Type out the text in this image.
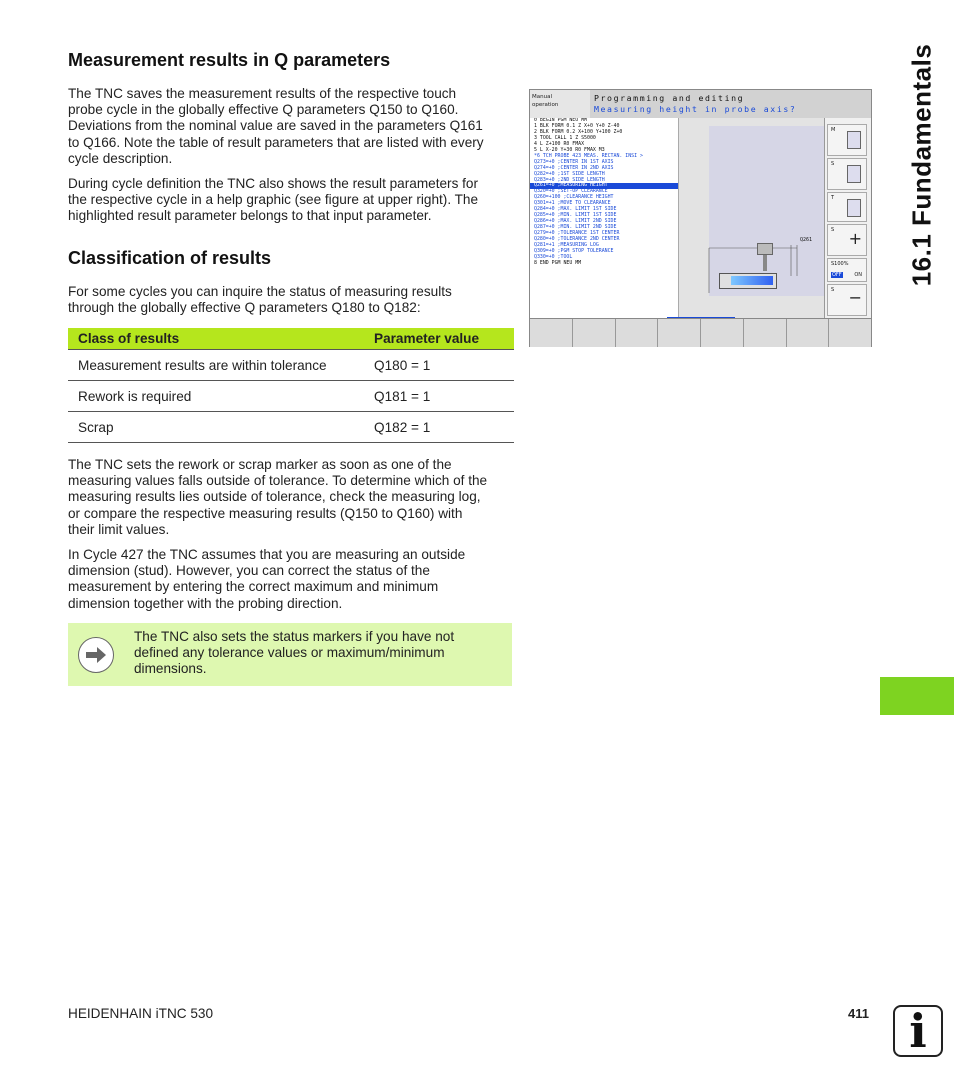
Measurement results in Q parameters

The TNC saves the measurement results of the respective touch
probe cycle in the globally effective Q parameters Q150 to Q160.
Deviations from the nominal value are saved in the parameters Q161
to Q166. Note the table of result parameters that are listed with every
cycle description.

During cycle definition the TNC also shows the result parameters for
the respective cycle in a help graphic (see figure at upper right). The
highlighted result parameter belongs to that input parameter.

Classification of results

For some cycles you can inquire the status of measuring results
through the globally effective Q parameters Q180 to Q182:

Class of results	Parameter value
Measurement results are within tolerance	Q180 = 1
Rework is required	Q181 = 1
Scrap	Q182 = 1

The TNC sets the rework or scrap marker as soon as one of the
measuring values falls outside of tolerance. To determine which of the
measuring results lies outside of tolerance, check the measuring log,
or compare the respective measuring results (Q150 to Q160) with
their limit values.

In Cycle 427 the TNC assumes that you are measuring an outside
dimension (stud). However, you can correct the status of the
measurement by entering the correct maximum and minimum
dimension together with the probing direction.

The TNC also sets the status markers if you have not
defined any tolerance values or maximum/minimum
dimensions.

Manual
operation
Programming and editing
Measuring height in probe axis?
0 BEGIN PGM NEU MM
1 BLK FORM 0.1 Z X+0 Y+0 Z-40
2 BLK FORM 0.2 X+100 Y+100 Z+0
3 TOOL CALL 1 Z S5000
4 L Z+100 R0 FMAX
5 L X-20 Y+30 R0 FMAX M3
*6 TCH PROBE 423 MEAS. RECTAN. INSI >
Q273=+0 ;CENTER IN 1ST AXIS
Q274=+0 ;CENTER IN 2ND AXIS
Q282=+0 ;1ST SIDE LENGTH
Q283=+0 ;2ND SIDE LENGTH
Q261=+0 ;MEASURING HEIGHT
Q320=+0 ;SET-UP CLEARANCE
Q260=+100 ;CLEARANCE HEIGHT
Q301=+1 ;MOVE TO CLEARANCE
Q284=+0 ;MAX. LIMIT 1ST SIDE
Q285=+0 ;MIN. LIMIT 1ST SIDE
Q286=+0 ;MAX. LIMIT 2ND SIDE
Q287=+0 ;MIN. LIMIT 2ND SIDE
Q279=+0 ;TOLERANCE 1ST CENTER
Q280=+0 ;TOLERANCE 2ND CENTER
Q281=+1 ;MEASURING LOG
Q309=+0 ;PGM STOP TOLERANCE
Q330=+0 ;TOOL
8 END PGM NEU MM
Q261
M
S
T
S +
S100%
OFF	ON
S −
16.1 Fundamentals
HEIDENHAIN iTNC 530	411 i
